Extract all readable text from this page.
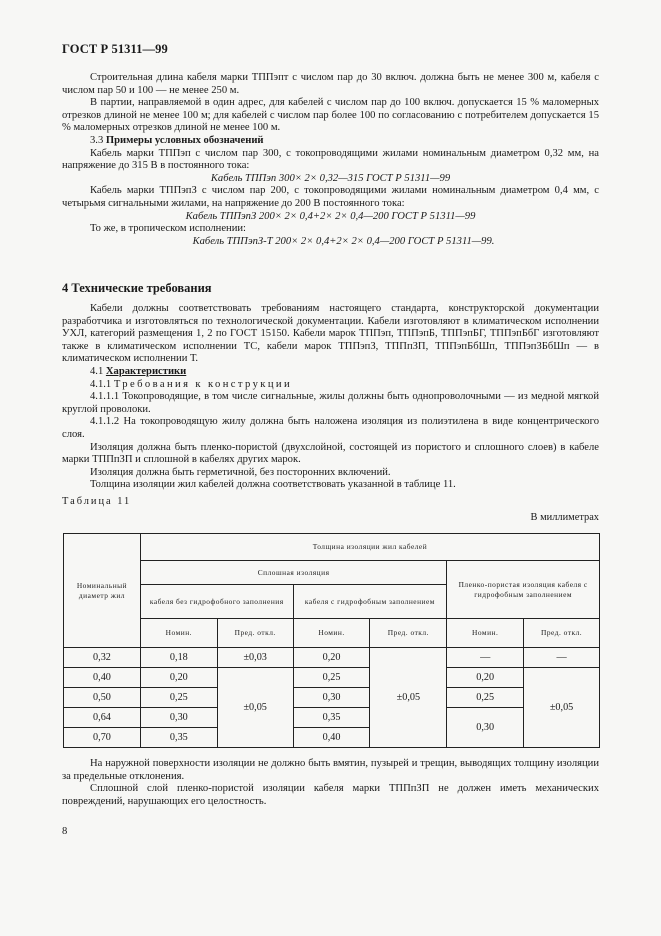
ГОСТ Р 51311—99

Строительная длина кабеля марки ТППэпт с числом пар до 30 включ. должна быть не менее 300 м, кабеля с числом пар 50 и 100 — не менее 250 м.

В партии, направляемой в один адрес, для кабелей с числом пар до 100 включ. допускается 15 % маломерных отрезков длиной не менее 100 м; для кабелей с числом пар более 100 по согласованию с потребителем допускается 15 % маломерных отрезков длиной не менее 100 м.

3.3 Примеры условных обозначений

Кабель марки ТППэп с числом пар 300, с токопроводящими жилами номинальным диаметром 0,32 мм, на напряжение до 315 В в постоянного тока:

Кабель ТППэп 300× 2× 0,32—315 ГОСТ Р 51311—99

Кабель марки ТППэпЗ с числом пар 200, с токопроводящими жилами номинальным диаметром 0,4 мм, с четырьмя сигнальными жилами, на напряжение до 200 В постоянного тока:

Кабель ТППэпЗ 200× 2× 0,4+2× 2× 0,4—200 ГОСТ Р 51311—99

То же, в тропическом исполнении:

Кабель ТППэпЗ-Т 200× 2× 0,4+2× 2× 0,4—200 ГОСТ Р 51311—99.

4 Технические требования

Кабели должны соответствовать требованиям настоящего стандарта, конструкторской документации разработчика и изготовляться по технологической документации. Кабели изготовляют в климатическом исполнении УХЛ, категорий размещения 1, 2 по ГОСТ 15150. Кабели марок ТППэп, ТППэпБ, ТППэпБГ, ТППэпБбГ изготовляют также в климатическом исполнении ТС, кабели марок ТППэпЗ, ТППпЗП, ТППэпБбШп, ТППэпЗБбШп — в климатическом исполнении Т.

4.1 Характеристики

4.1.1 Требования к конструкции

4.1.1.1 Токопроводящие, в том числе сигнальные, жилы должны быть однопроволочными — из медной мягкой круглой проволоки.

4.1.1.2 На токопроводящую жилу должна быть наложена изоляция из полиэтилена в виде концентрического слоя.

Изоляция должна быть пленко-пористой (двухслойной, состоящей из пористого и сплошного слоев) в кабеле марки ТППпЗП и сплошной в кабелях других марок.

Изоляция должна быть герметичной, без посторонних включений.

Толщина изоляции жил кабелей должна соответствовать указанной в таблице 11.

Таблица 11
В миллиметрах
Номинальный диаметр жил	Толщина изоляции жил кабелей					
	Сплошная изоляция				Пленко-пористая изоляция кабеля с гидрофобным заполнением	
	кабеля без гидрофобного заполнения		кабеля с гидрофобным заполнением			
	Номин.	Пред. откл.	Номин.	Пред. откл.	Номин.	Пред. откл.
0,32	0,18	±0,03	0,20	±0,05	—	—
0,40	0,20	±0,05	0,25		0,20	±0,05
0,50	0,25		0,30		0,25	
0,64	0,30		0,35		0,30	
0,70	0,35		0,40			

На наружной поверхности изоляции не должно быть вмятин, пузырей и трещин, выводящих толщину изоляции за предельные отклонения.

Сплошной слой пленко-пористой изоляции кабеля марки ТППпЗП не должен иметь механических повреждений, нарушающих его целостность.

8
